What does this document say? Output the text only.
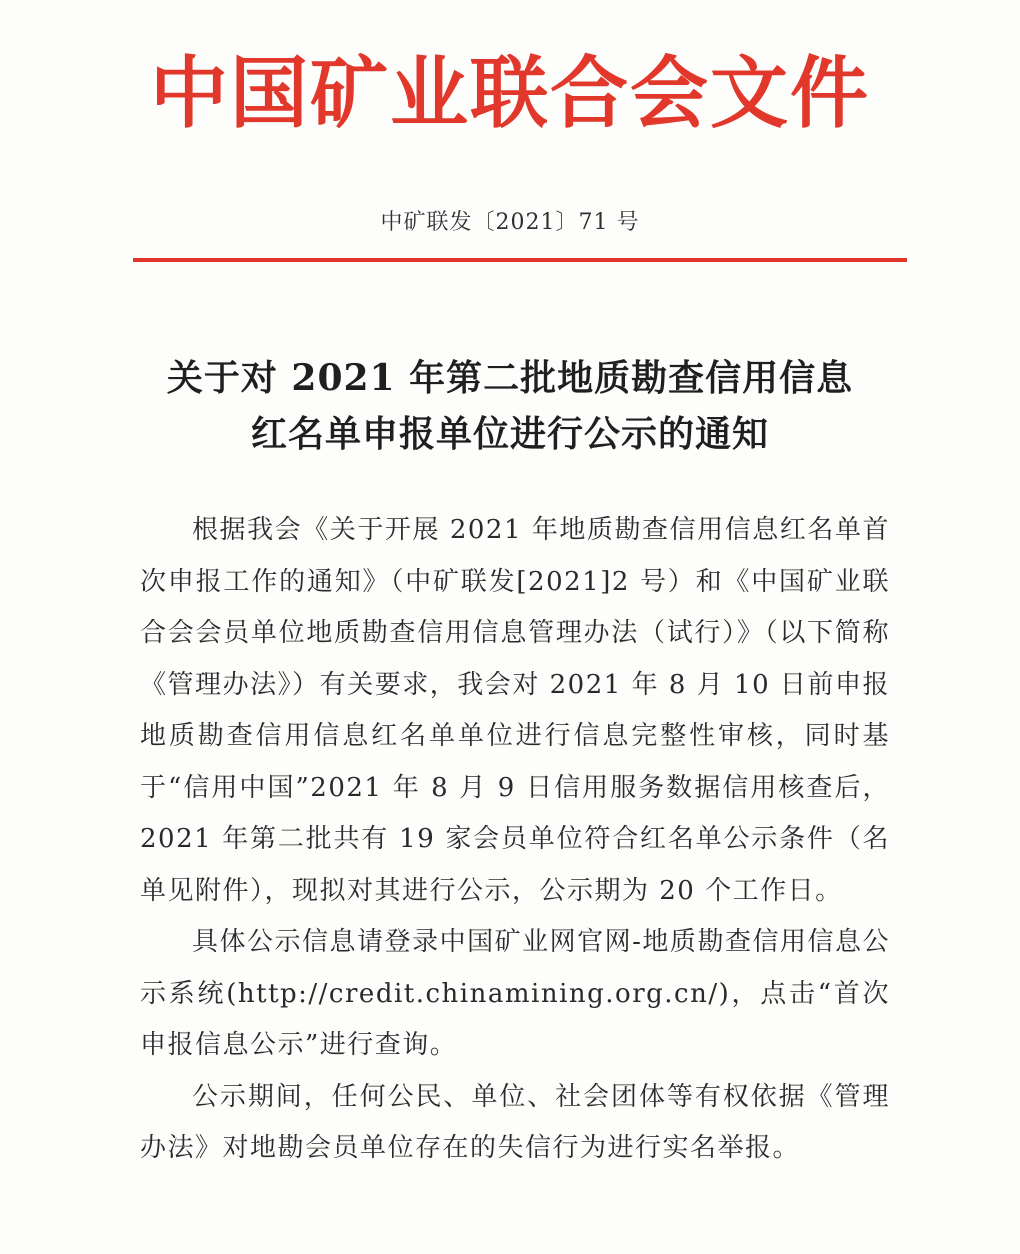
中国矿业联合会文件
中矿联发〔2021〕71 号
关于对 2021 年第二批地质勘查信用信息
红名单申报单位进行公示的通知

根据我会《关于开展 2021 年地质勘查信用信息红名单首次申报工作的通知》（中矿联发[2021]2 号）和《中国矿业联合会会员单位地质勘查信用信息管理办法（试行）》（以下简称《管理办法》）有关要求，我会对 2021 年 8 月 10 日前申报地质勘查信用信息红名单单位进行信息完整性审核，同时基于“信用中国”2021 年 8 月 9 日信用服务数据信用核查后，2021 年第二批共有 19 家会员单位符合红名单公示条件（名单见附件），现拟对其进行公示，公示期为 20 个工作日。

具体公示信息请登录中国矿业网官网-地质勘查信用信息公示系统(http://credit.chinamining.org.cn/)，点击“首次申报信息公示”进行查询。

公示期间，任何公民、单位、社会团体等有权依据《管理办法》对地勘会员单位存在的失信行为进行实名举报。
